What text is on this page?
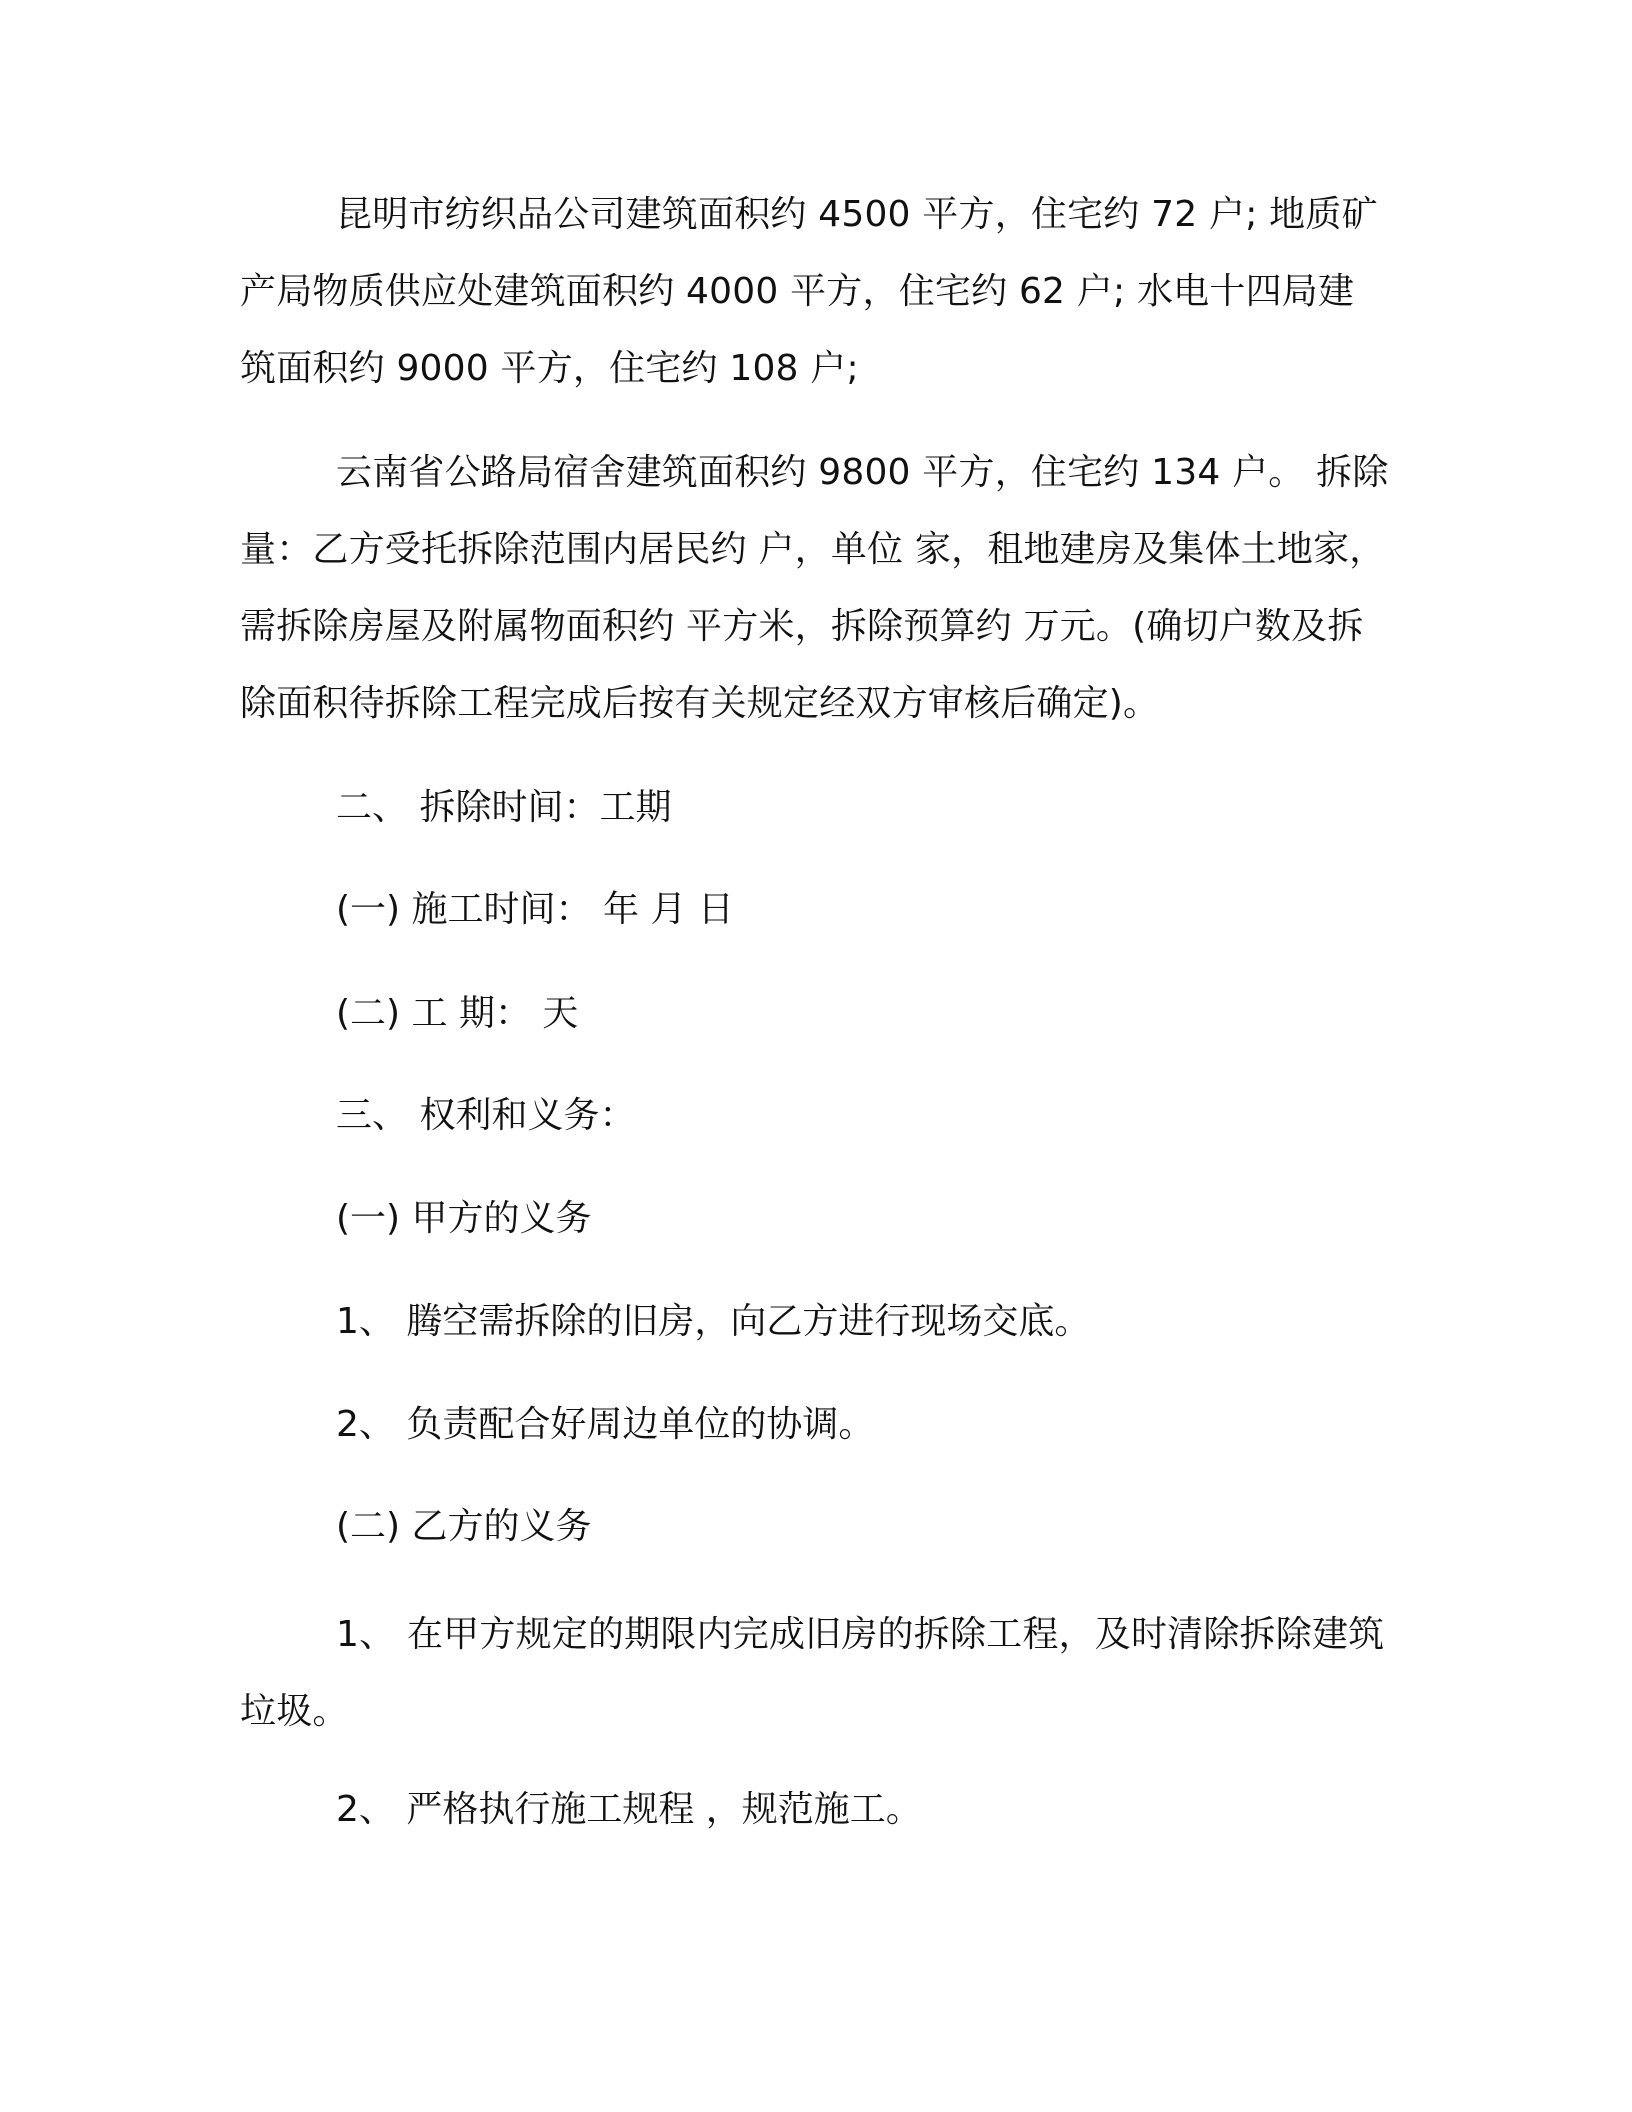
昆明市纺织品公司建筑面积约 4500 平方，住宅约 72 户; 地质矿产局物质供应处建筑面积约 4000 平方，住宅约 62 户; 水电十四局建筑面积约 9000 平方，住宅约 108 户;

云南省公路局宿舍建筑面积约 9800 平方，住宅约 134 户。 拆除量：乙方受托拆除范围内居民约 户，单位 家，租地建房及集体土地家，需拆除房屋及附属物面积约 平方米，拆除预算约 万元。(确切户数及拆除面积待拆除工程完成后按有关规定经双方审核后确定)。

二、 拆除时间：工期

(一) 施工时间： 年 月 日

(二) 工 期： 天

三、 权利和义务：

(一) 甲方的义务

1、 腾空需拆除的旧房，向乙方进行现场交底。

2、 负责配合好周边单位的协调。

(二) 乙方的义务

1、 在甲方规定的期限内完成旧房的拆除工程，及时清除拆除建筑垃圾。

2、 严格执行施工规程 ，规范施工。
